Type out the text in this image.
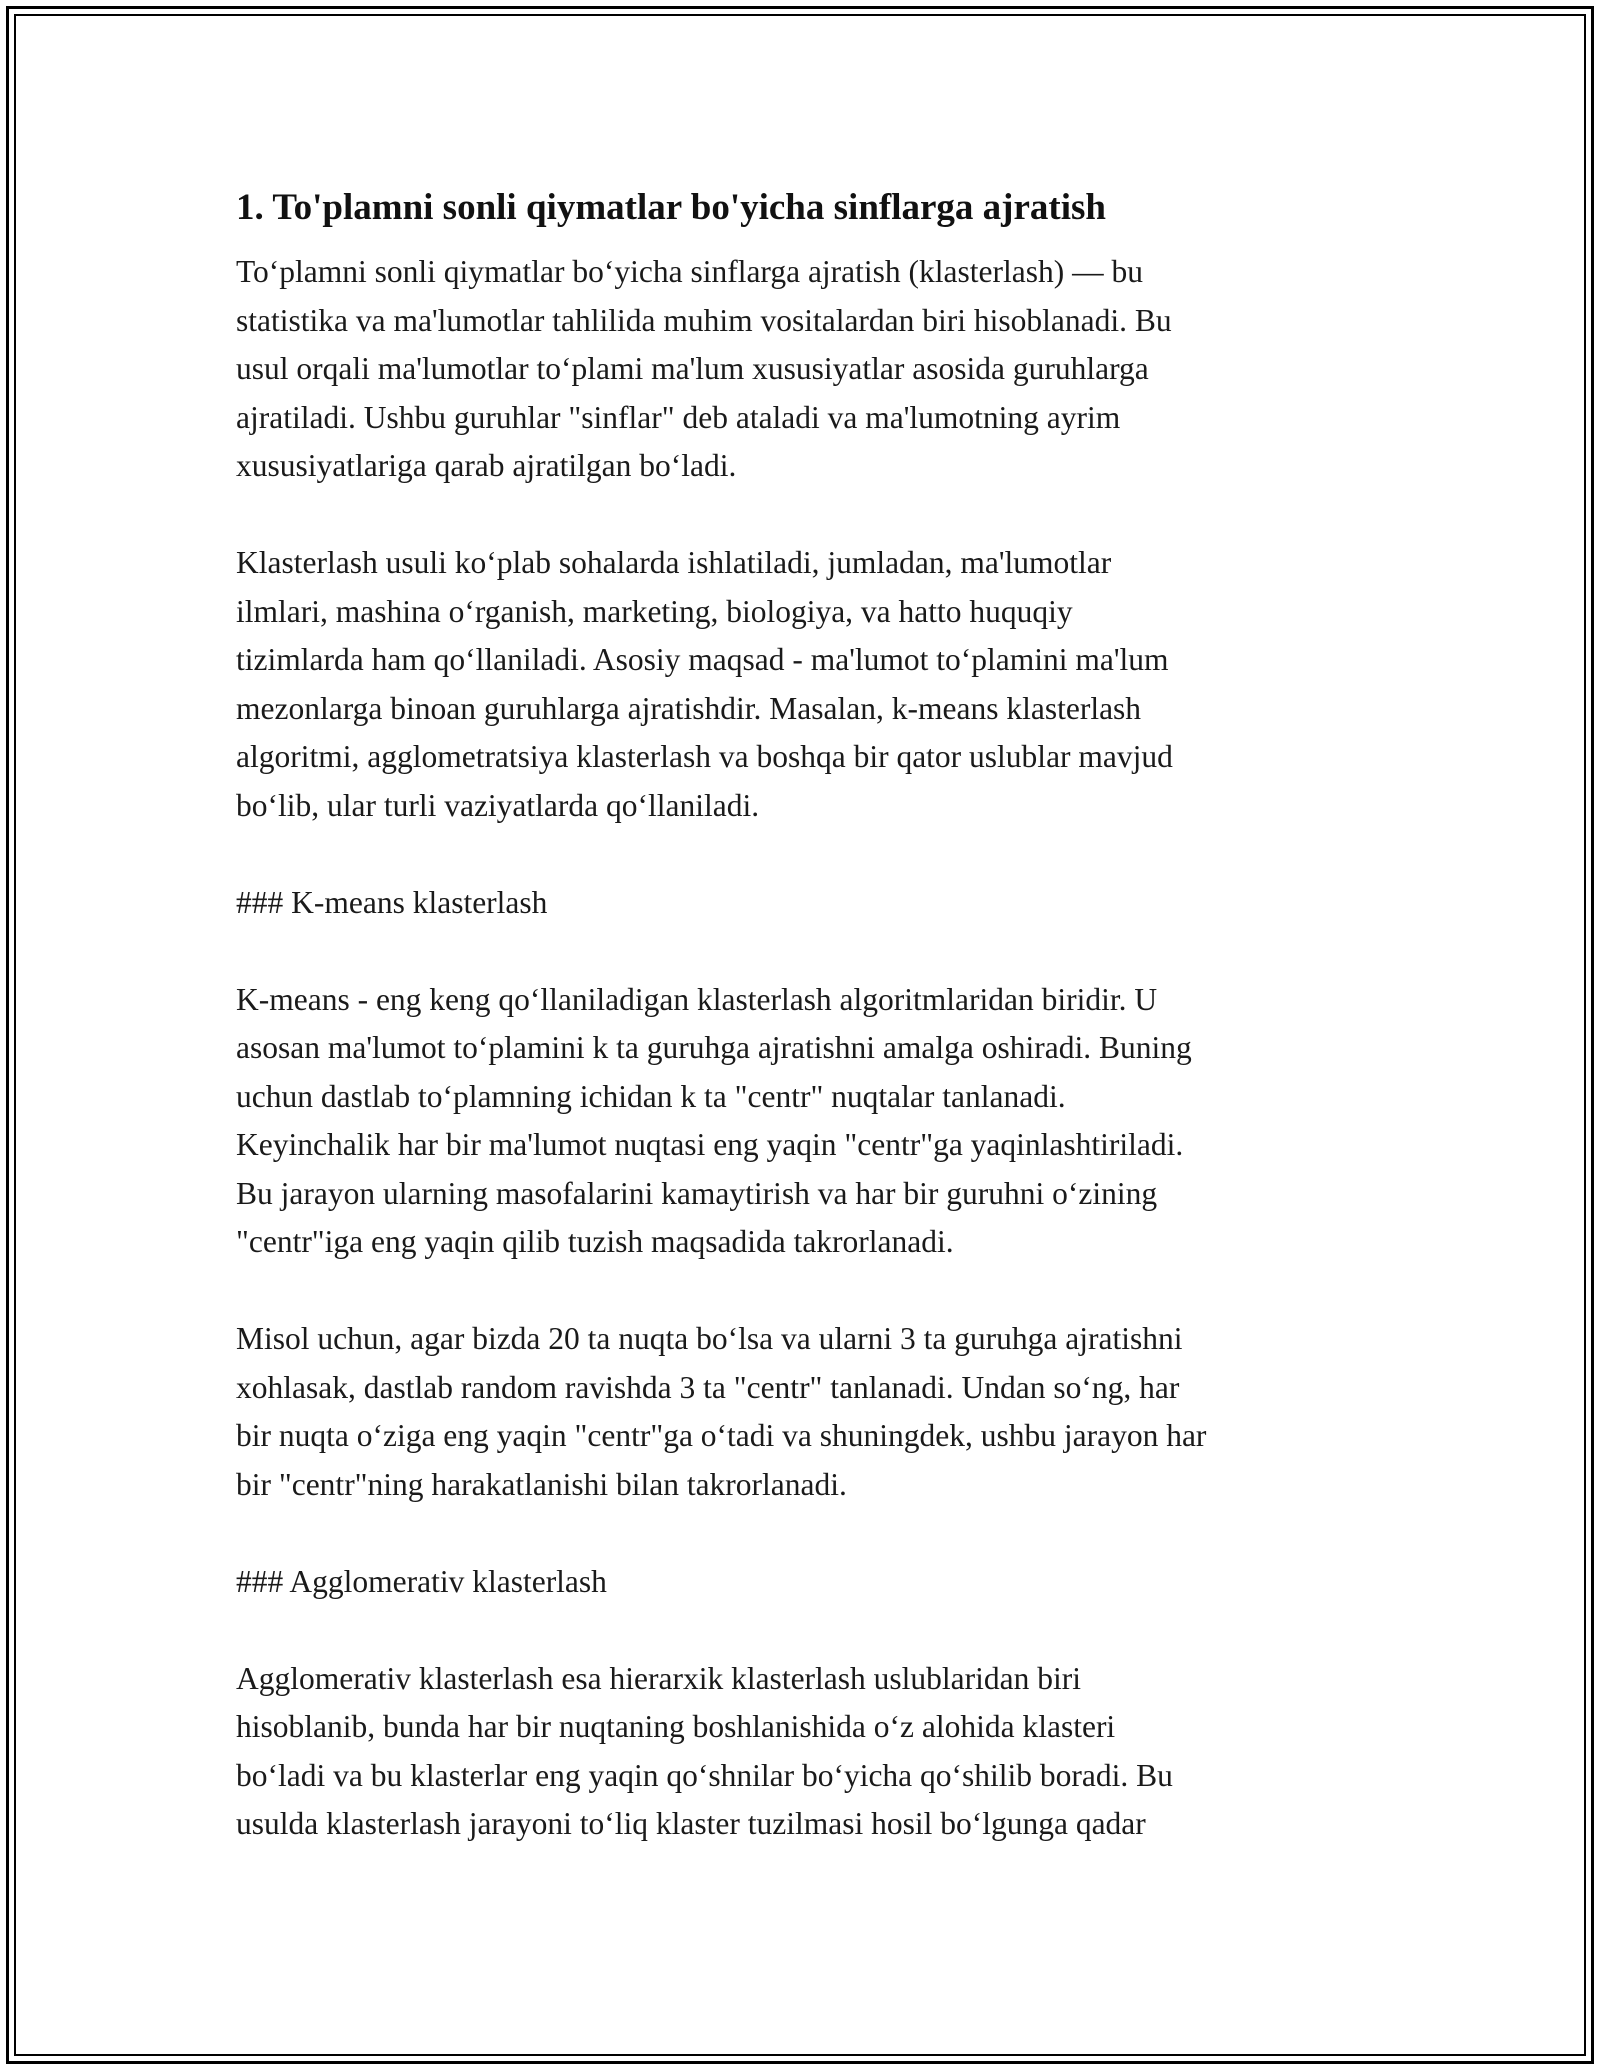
1. To'plamni sonli qiymatlar bo'yicha sinflarga ajratish
To‘plamni sonli qiymatlar bo‘yicha sinflarga ajratish (klasterlash) — bu
statistika va ma'lumotlar tahlilida muhim vositalardan biri hisoblanadi. Bu
usul orqali ma'lumotlar to‘plami ma'lum xususiyatlar asosida guruhlarga
ajratiladi. Ushbu guruhlar "sinflar" deb ataladi va ma'lumotning ayrim
xususiyatlariga qarab ajratilgan bo‘ladi.
Klasterlash usuli ko‘plab sohalarda ishlatiladi, jumladan, ma'lumotlar
ilmlari, mashina o‘rganish, marketing, biologiya, va hatto huquqiy
tizimlarda ham qo‘llaniladi. Asosiy maqsad - ma'lumot to‘plamini ma'lum
mezonlarga binoan guruhlarga ajratishdir. Masalan, k-means klasterlash
algoritmi, agglometratsiya klasterlash va boshqa bir qator uslublar mavjud
bo‘lib, ular turli vaziyatlarda qo‘llaniladi.
### K-means klasterlash
K-means - eng keng qo‘llaniladigan klasterlash algoritmlaridan biridir. U
asosan ma'lumot to‘plamini k ta guruhga ajratishni amalga oshiradi. Buning
uchun dastlab to‘plamning ichidan k ta "centr" nuqtalar tanlanadi.
Keyinchalik har bir ma'lumot nuqtasi eng yaqin "centr"ga yaqinlashtiriladi.
Bu jarayon ularning masofalarini kamaytirish va har bir guruhni o‘zining
"centr"iga eng yaqin qilib tuzish maqsadida takrorlanadi.
Misol uchun, agar bizda 20 ta nuqta bo‘lsa va ularni 3 ta guruhga ajratishni
xohlasak, dastlab random ravishda 3 ta "centr" tanlanadi. Undan so‘ng, har
bir nuqta o‘ziga eng yaqin "centr"ga o‘tadi va shuningdek, ushbu jarayon har
bir "centr"ning harakatlanishi bilan takrorlanadi.
### Agglomerativ klasterlash
Agglomerativ klasterlash esa hierarxik klasterlash uslublaridan biri
hisoblanib, bunda har bir nuqtaning boshlanishida o‘z alohida klasteri
bo‘ladi va bu klasterlar eng yaqin qo‘shnilar bo‘yicha qo‘shilib boradi. Bu
usulda klasterlash jarayoni to‘liq klaster tuzilmasi hosil bo‘lgunga qadar
